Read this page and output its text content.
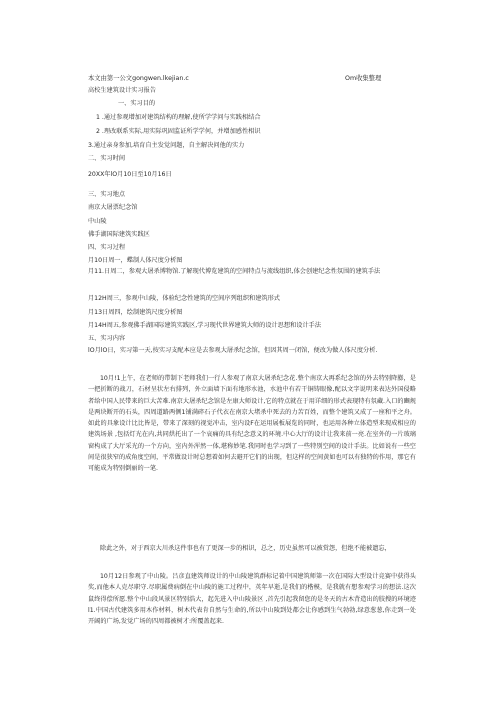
本文由第一公文gongwen.lkejian.c	Om收集整理
高校生建筑设计实习报告
一、实习目的
1 .通过参观增加对建筑结构的理解,使所学学问与实践相结合
2 .理改联系实际,用实际巩固监证所学学何，并增加感性相识
3.通过亲身参加,培育自主发觉问题，自主解决问他的实力
二、实习时间
20XX年lO月10日至10月16日
三、实习地点
南京大屠票纪念馆
中山陵
佛手湖国际建筑实践区
四、实习过程
月10日周一，蝶制人体尺度分析图
月11.日周二，参观大屠杀博物馆.了解现代博览建筑的空间特点与流线组织,体会创建纪念性氛围的建筑手法
月12H周三，参观中山陵，体验纪念性建筑的空间序列组织和建筑形式
月13日周四，绘制建筑尺度分析图
月14H周五,参观佛手湖国际建筑实践区,学习现代世界建筑大师的设计思想和设计手法
五、实习内容
lO月lO日，实习第一天,按实习支配本应是去参观大屠杀纪念馆，但因其周一闭馆，便改为做人体尺度分析.
10月!1上午，在老师的带制下老师我们一行人参观了南京大屠杀纪念花.整个南京大再系纪念馆的外去特别降膨，是一把折断的战刀，石材呈状左右排列，外立面墙下面有地形水池，水池中有若干铜铸眼像,配以文字说明来表达外国侵略者给中国人民带来的巨大苦难.南京大屠杀纪念馆是左康大师设计,它的特点就在于用详细的形式表现特有氛藏.入口的豳规是两块断开的石头，四周道路两侧1铺满碎石子代衣在南京大堵杀中死去的力苦百姓，而整个建筑又成了一座和平之舟。如此的具象设计比比皆是，带来了深刻的视觉冲击，室内设F在运用展板展览的同时，也运用各种立体造型来现成相应的建筑场景 ,包括灯光在内,共同烘托出了一个哀痛的具有纪念意义的环境.中心大厅的设计让我来前一亮.在室外的一片玻璃窗构成了大厅采光的一个方向，室内外浑然一体,堪称妙笔.我同时也学习到了一些特别空间的设计手法。比如说有一些空间是很狭窄的成角度空间，平常做设计时总想着如何去避开它们的出现，但这样的空间黄如也可以有独特的作用，那它有可能成为特别倒丽的一笔.
除此之外，对于西京大川杀这件事也有了更深一步的相识，总之，历史虽然可以被赏怨，但绝不能被遗忘，
10月12日参观了中山陵。吕彦直建筑师设计的中山陵建筑群标记着中国建筑师第一次在国际大型设计竞赛中获得头奖,而他本人克尽职守.尽职属费病倒在中山陵的施工过程中，英年早逝,是我们的楷模，是我就有想参观学习的想法.这次鼠终得偿所愿.整个中山段风景区特别浩大，起先进入中山陵景区 ,首先引起我留您的是冬天的古木背造出的肢搜的环境迹l1.中国古代建筑多用木作材料，树木代表肯自然与生命的,所以中山陵到处都会让你感到生气勃勃,绿意葱葱,你走到一处开阔的广场,发觉广场的四周都被树才:所覆盖起来.
